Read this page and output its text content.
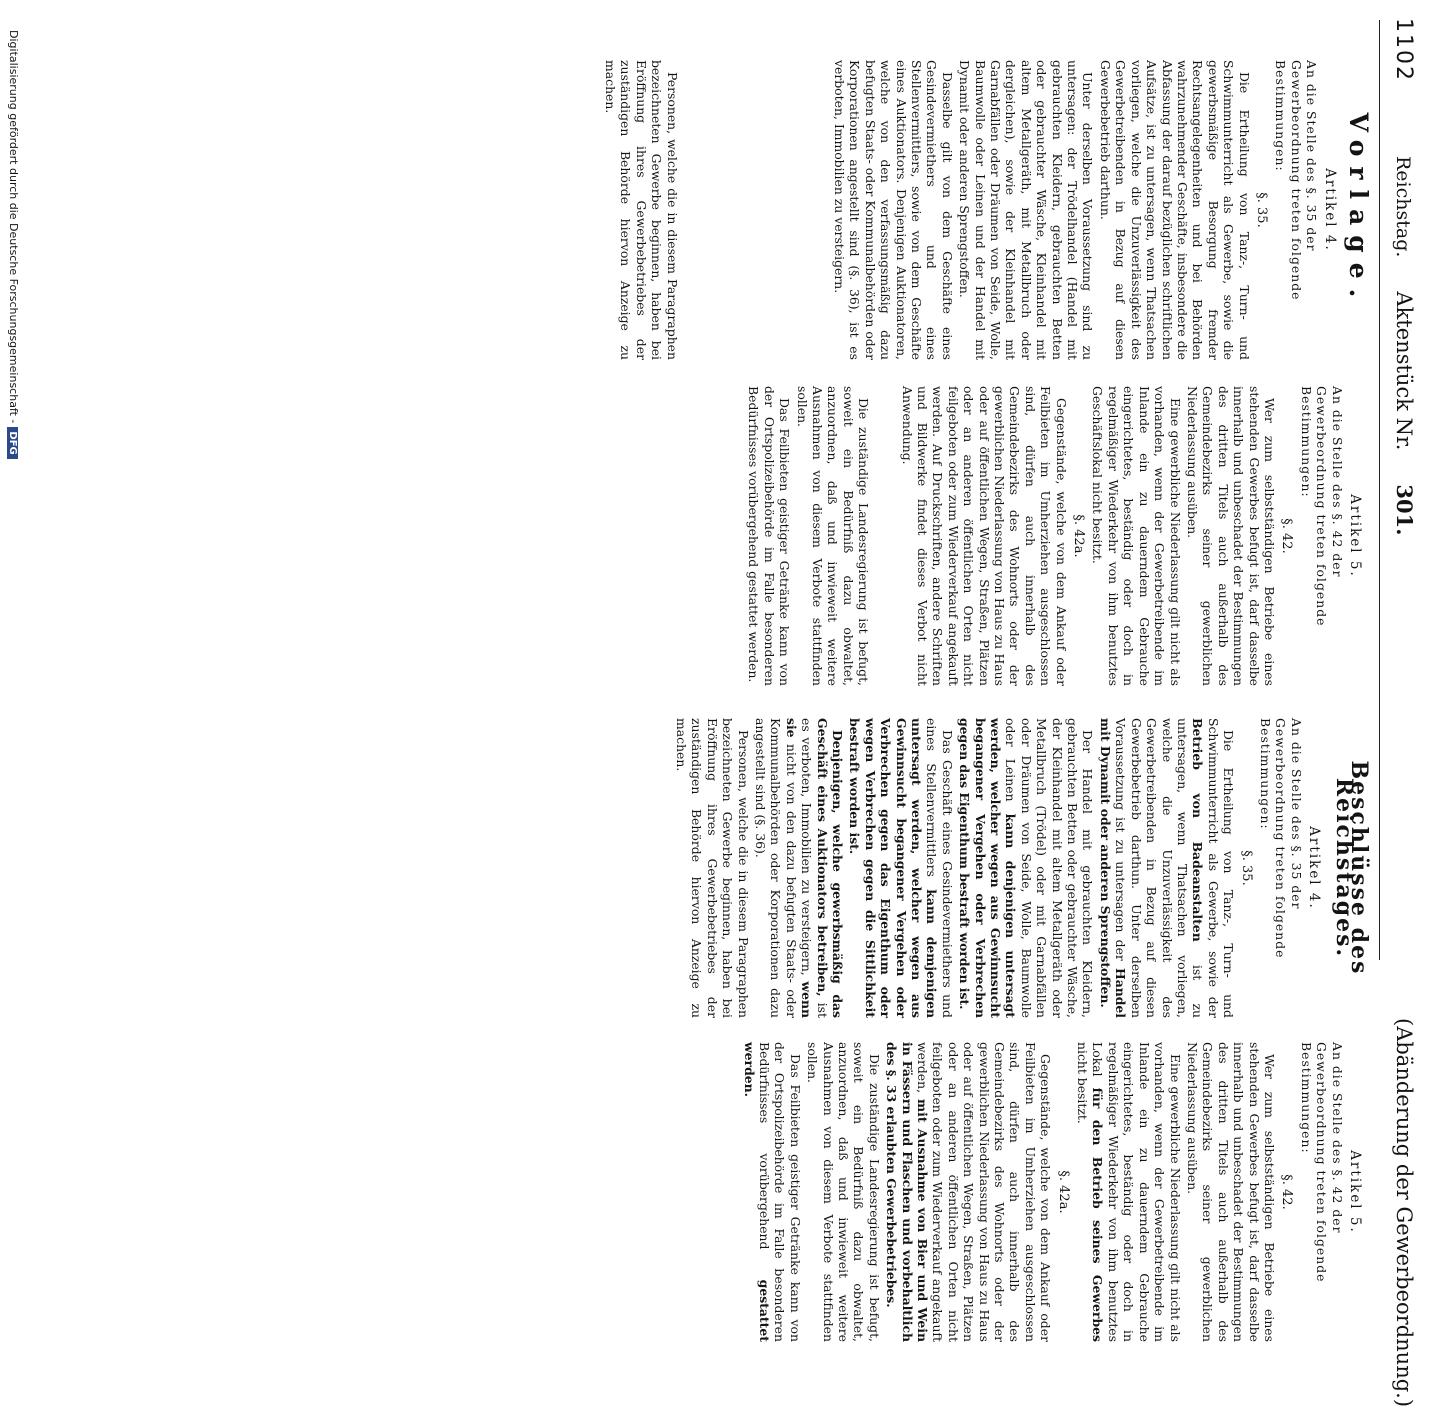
1102
Reichstag.
Aktenstück Nr.
301.
(Abänderung der Gewerbeordnung.)
Vorlage.
Artikel 4.
An die Stelle des §. 35 der Gewerbeordnung treten folgende Bestimmungen:
§. 35.

Die Ertheilung von Tanz-, Turn- und Schwimmunterricht als Gewerbe, sowie die gewerbsmäßige Besorgung fremder Rechtsangelegenheiten und bei Behörden wahrzunehmender Geschäfte, insbesondere die Abfassung der darauf bezüglichen schriftlichen Aufsätze, ist zu untersagen, wenn Thatsachen vorliegen, welche die Unzuverlässigkeit des Gewerbetreibenden in Bezug auf diesen Gewerbebetrieb darthun.

Unter derselben Voraussetzung sind zu untersagen: der Trödelhandel (Handel mit gebrauchten Kleidern, gebrauchten Betten oder gebrauchter Wäsche, Kleinhandel mit altem Metallgeräth, mit Metallbruch oder dergleichen), sowie der Kleinhandel mit Garnabfällen oder Dräumen von Seide, Wolle, Baumwolle oder Leinen und der Handel mit Dynamit oder anderen Sprengstoffen.

Dasselbe gilt von dem Geschäfte eines Gesindevermiethers und eines Stellenvermittlers, sowie von dem Geschäfte eines Auktionators. Denjenigen Auktionatoren, welche von den verfassungsmäßig dazu befugten Staats- oder Kommunalbehörden oder Korporationen angestellt sind (§. 36), ist es verboten, Immobilien zu versteigern.

Personen, welche die in diesem Paragraphen bezeichneten Gewerbe beginnen, haben bei Eröffnung ihres Gewerbebetriebes der zuständigen Behörde hiervon Anzeige zu machen.

Artikel 5.
An die Stelle des §. 42 der Gewerbeordnung treten folgende Bestimmungen:
§. 42.

Wer zum selbstständigen Betriebe eines stehenden Gewerbes befugt ist, darf dasselbe innerhalb und unbeschadet der Bestimmungen des dritten Titels auch außerhalb des Gemeindebezirks seiner gewerblichen Niederlassung ausüben.

Eine gewerbliche Niederlassung gilt nicht als vorhanden, wenn der Gewerbetreibende im Inlande ein zu dauerndem Gebrauche eingerichtetes, beständig oder doch in regelmäßiger Wiederkehr von ihm benutztes Geschäftslokal nicht besitzt.

§. 42a.

Gegenstände, welche von dem Ankauf oder Feilbieten im Umherziehen ausgeschlossen sind, dürfen auch innerhalb des Gemeindebezirks des Wohnorts oder der gewerblichen Niederlassung von Haus zu Haus oder auf öffentlichen Wegen, Straßen, Plätzen oder an anderen öffentlichen Orten nicht feilgeboten oder zum Wiederverkauf angekauft werden. Auf Druckschriften, andere Schriften und Bildwerke findet dieses Verbot nicht Anwendung.

Die zuständige Landesregierung ist befugt, soweit ein Bedürfniß dazu obwaltet, anzuordnen, daß und inwieweit weitere Ausnahmen von diesem Verbote stattfinden sollen.

Das Feilbieten geistiger Getränke kann von der Ortspolizeibehörde im Falle besonderen Bedürfnisses vorübergehend gestattet werden.

Beschlüsse des Reichstages.
Artikel 4.
An die Stelle des §. 35 der Gewerbeordnung treten folgende Bestimmungen:
§. 35.

Die Ertheilung von Tanz-, Turn- und Schwimmunterricht als Gewerbe, sowie der Betrieb von Badeanstalten ist zu untersagen, wenn Thatsachen vorliegen, welche die Unzuverlässigkeit des Gewerbetreibenden in Bezug auf diesen Gewerbebetrieb darthun. Unter derselben Voraussetzung ist zu untersagen der Handel mit Dynamit oder anderen Sprengstoffen.

Der Handel mit gebrauchten Kleidern, gebrauchten Betten oder gebrauchter Wäsche, der Kleinhandel mit altem Metallgeräth oder Metallbruch (Trödel) oder mit Garnabfällen oder Dräumen von Seide, Wolle, Baumwolle oder Leinen kann denjenigen untersagt werden, welcher wegen aus Gewinnsucht begangener Vergehen oder Verbrechen gegen das Eigenthum bestraft worden ist.

Das Geschäft eines Gesindevermiethers und eines Stellenvermittlers kann demjenigen untersagt werden, welcher wegen aus Gewinnsucht begangener Vergehen oder Verbrechen gegen das Eigenthum oder wegen Verbrechen gegen die Sittlichkeit bestraft worden ist.

Denjenigen, welche gewerbsmäßig das Geschäft eines Auktionators betreiben, ist es verboten, Immobilien zu versteigern, wenn sie nicht von den dazu befugten Staats- oder Kommunalbehörden oder Korporationen dazu angestellt sind (§. 36).

Personen, welche die in diesem Paragraphen bezeichneten Gewerbe beginnen, haben bei Eröffnung ihres Gewerbebetriebes der zuständigen Behörde hiervon Anzeige zu machen.

Artikel 5.
An die Stelle des §. 42 der Gewerbeordnung treten folgende Bestimmungen:
§. 42.

Wer zum selbstständigen Betriebe eines stehenden Gewerbes befugt ist, darf dasselbe innerhalb und unbeschadet der Bestimmungen des dritten Titels auch außerhalb des Gemeindebezirks seiner gewerblichen Niederlassung ausüben.

Eine gewerbliche Niederlassung gilt nicht als vorhanden, wenn der Gewerbetreibende im Inlande ein zu dauerndem Gebrauche eingerichtetes, beständig oder doch in regelmäßiger Wiederkehr von ihm benutztes Lokal für den Betrieb seines Gewerbes nicht besitzt.

§. 42a.

Gegenstände, welche von dem Ankauf oder Feilbieten im Umherziehen ausgeschlossen sind, dürfen auch innerhalb des Gemeindebezirks des Wohnorts oder der gewerblichen Niederlassung von Haus zu Haus oder auf öffentlichen Wegen, Straßen, Plätzen oder an anderen öffentlichen Orten nicht feilgeboten oder zum Wiederverkauf angekauft werden, mit Ausnahme von Bier und Wein in Fässern und Flaschen und vorbehaltlich des §. 33 erlaubten Gewerbebetriebes.

Die zuständige Landesregierung ist befugt, soweit ein Bedürfniß dazu obwaltet, anzuordnen, daß und inwieweit weitere Ausnahmen von diesem Verbote stattfinden sollen.

Das Feilbieten geistiger Getränke kann von der Ortspolizeibehörde im Falle besonderen Bedürfnisses vorübergehend gestattet werden.

Digitalisierung gefördert durch die Deutsche Forschungsgemeinschaft -DFG
